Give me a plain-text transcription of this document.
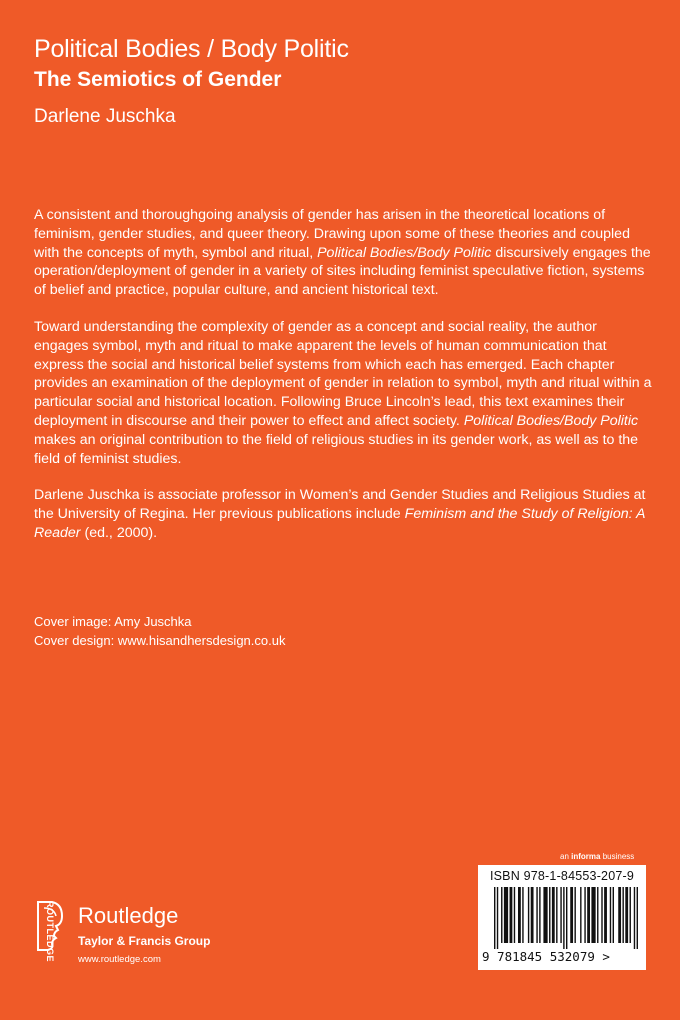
Political Bodies / Body Politic
The Semiotics of Gender
Darlene Juschka

A consistent and thoroughgoing analysis of gender has arisen in the theoretical locations of feminism, gender studies, and queer theory. Drawing upon some of these theories and coupled with the concepts of myth, symbol and ritual, Political Bodies/Body Politic discursively engages the operation/deployment of gender in a variety of sites including feminist speculative fiction, systems of belief and practice, popular culture, and ancient historical text.

Toward understanding the complexity of gender as a concept and social reality, the author engages symbol, myth and ritual to make apparent the levels of human communication that express the social and historical belief systems from which each has emerged. Each chapter provides an examination of the deployment of gender in relation to symbol, myth and ritual within a particular social and historical location. Following Bruce Lincoln’s lead, this text examines their deployment in discourse and their power to effect and affect society. Political Bodies/Body Politic makes an original contribution to the field of religious studies in its gender work, as well as to the field of feminist studies.

Darlene Juschka is associate professor in Women’s and Gender Studies and Religious Studies at the University of Regina. Her previous publications include Feminism and the Study of Religion: A Reader (ed., 2000).

Cover image: Amy Juschka
Cover design: www.hisandhersdesign.co.uk
ROUTLEDGE Routledge
Taylor & Francis Group
www.routledge.com
an informa business
ISBN 978-1-84553-207-9
9 781845 532079 >
